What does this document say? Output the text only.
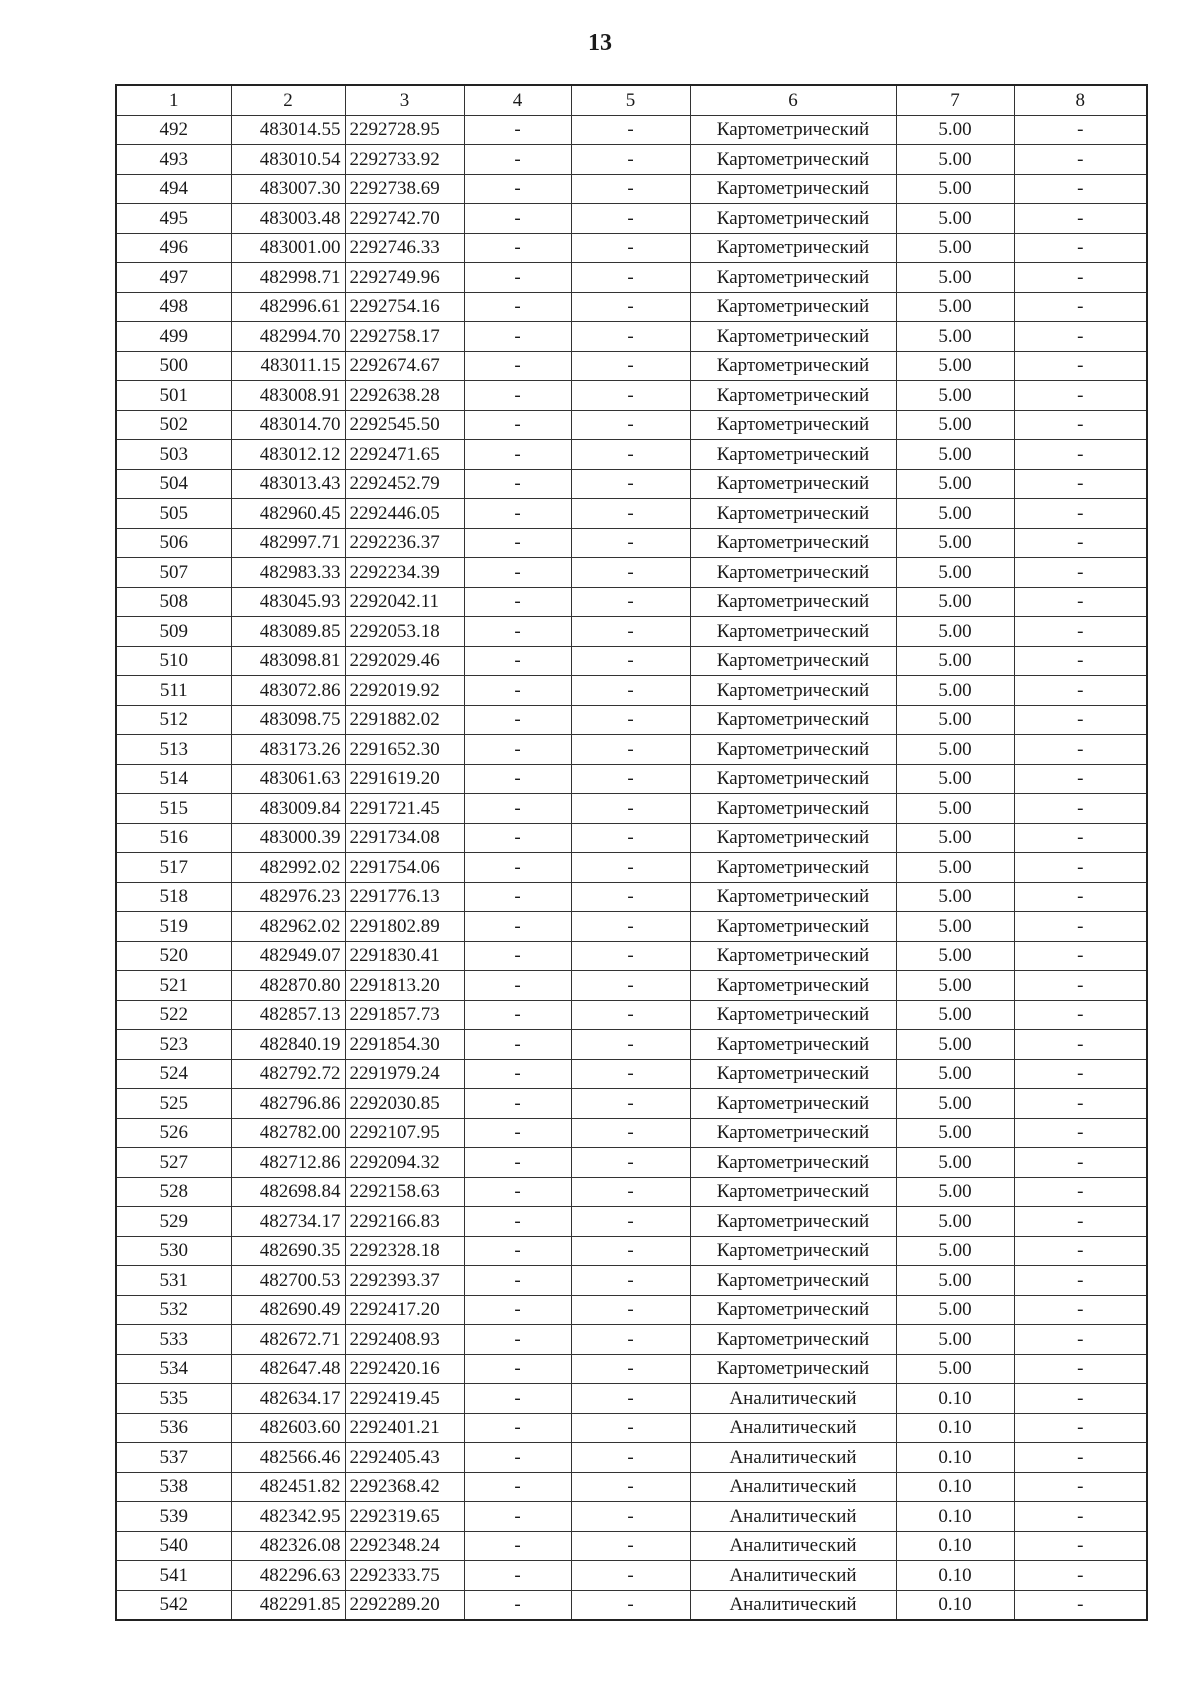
13
1	2	3	4	5	6	7	8
492	483014.55	2292728.95	-	-	Картометрический	5.00	-
493	483010.54	2292733.92	-	-	Картометрический	5.00	-
494	483007.30	2292738.69	-	-	Картометрический	5.00	-
495	483003.48	2292742.70	-	-	Картометрический	5.00	-
496	483001.00	2292746.33	-	-	Картометрический	5.00	-
497	482998.71	2292749.96	-	-	Картометрический	5.00	-
498	482996.61	2292754.16	-	-	Картометрический	5.00	-
499	482994.70	2292758.17	-	-	Картометрический	5.00	-
500	483011.15	2292674.67	-	-	Картометрический	5.00	-
501	483008.91	2292638.28	-	-	Картометрический	5.00	-
502	483014.70	2292545.50	-	-	Картометрический	5.00	-
503	483012.12	2292471.65	-	-	Картометрический	5.00	-
504	483013.43	2292452.79	-	-	Картометрический	5.00	-
505	482960.45	2292446.05	-	-	Картометрический	5.00	-
506	482997.71	2292236.37	-	-	Картометрический	5.00	-
507	482983.33	2292234.39	-	-	Картометрический	5.00	-
508	483045.93	2292042.11	-	-	Картометрический	5.00	-
509	483089.85	2292053.18	-	-	Картометрический	5.00	-
510	483098.81	2292029.46	-	-	Картометрический	5.00	-
511	483072.86	2292019.92	-	-	Картометрический	5.00	-
512	483098.75	2291882.02	-	-	Картометрический	5.00	-
513	483173.26	2291652.30	-	-	Картометрический	5.00	-
514	483061.63	2291619.20	-	-	Картометрический	5.00	-
515	483009.84	2291721.45	-	-	Картометрический	5.00	-
516	483000.39	2291734.08	-	-	Картометрический	5.00	-
517	482992.02	2291754.06	-	-	Картометрический	5.00	-
518	482976.23	2291776.13	-	-	Картометрический	5.00	-
519	482962.02	2291802.89	-	-	Картометрический	5.00	-
520	482949.07	2291830.41	-	-	Картометрический	5.00	-
521	482870.80	2291813.20	-	-	Картометрический	5.00	-
522	482857.13	2291857.73	-	-	Картометрический	5.00	-
523	482840.19	2291854.30	-	-	Картометрический	5.00	-
524	482792.72	2291979.24	-	-	Картометрический	5.00	-
525	482796.86	2292030.85	-	-	Картометрический	5.00	-
526	482782.00	2292107.95	-	-	Картометрический	5.00	-
527	482712.86	2292094.32	-	-	Картометрический	5.00	-
528	482698.84	2292158.63	-	-	Картометрический	5.00	-
529	482734.17	2292166.83	-	-	Картометрический	5.00	-
530	482690.35	2292328.18	-	-	Картометрический	5.00	-
531	482700.53	2292393.37	-	-	Картометрический	5.00	-
532	482690.49	2292417.20	-	-	Картометрический	5.00	-
533	482672.71	2292408.93	-	-	Картометрический	5.00	-
534	482647.48	2292420.16	-	-	Картометрический	5.00	-
535	482634.17	2292419.45	-	-	Аналитический	0.10	-
536	482603.60	2292401.21	-	-	Аналитический	0.10	-
537	482566.46	2292405.43	-	-	Аналитический	0.10	-
538	482451.82	2292368.42	-	-	Аналитический	0.10	-
539	482342.95	2292319.65	-	-	Аналитический	0.10	-
540	482326.08	2292348.24	-	-	Аналитический	0.10	-
541	482296.63	2292333.75	-	-	Аналитический	0.10	-
542	482291.85	2292289.20	-	-	Аналитический	0.10	-
